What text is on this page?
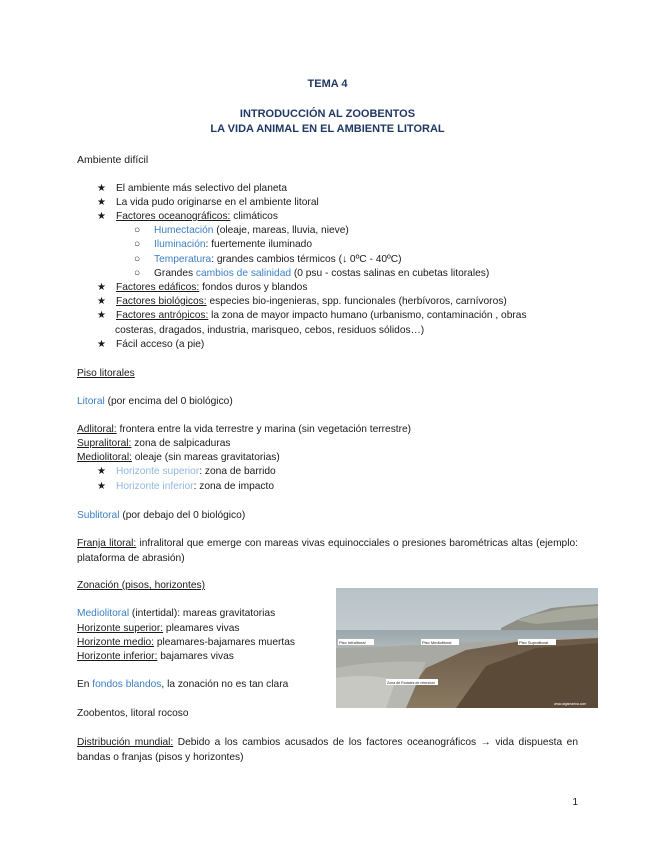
TEMA 4
INTRODUCCIÓN AL ZOOBENTOS
LA VIDA ANIMAL EN EL AMBIENTE LITORAL
Ambiente difícil
★ El ambiente más selectivo del planeta
★ La vida pudo originarse en el ambiente litoral
★ Factores oceanográficos: climáticos
○ Humectación (oleaje, mareas, lluvia, nieve)
○ Iluminación: fuertemente iluminado
○ Temperatura: grandes cambios térmicos (↓ 0ºC - 40ºC)
○ Grandes cambios de salinidad (0 psu - costas salinas en cubetas litorales)
★ Factores edáficos: fondos duros y blandos
★ Factores biológicos: especies bio-ingenieras, spp. funcionales (herbívoros, carnívoros)
★ Factores antrópicos: la zona de mayor impacto humano (urbanismo, contaminación , obras
costeras, dragados, industria, marisqueo, cebos, residuos sólidos…)
★ Fácil acceso (a pie)
Piso litorales
Litoral (por encima del 0 biológico)
Adlitoral: frontera entre la vida terrestre y marina (sin vegetación terrestre)
Supralitoral: zona de salpicaduras
Mediolitoral: oleaje (sin mareas gravitatorias)
★ Horizonte superior: zona de barrido
★ Horizonte inferior: zona de impacto
Sublitoral (por debajo del 0 biológico)
Franja litoral: infralitoral que emerge con mareas vivas equinocciales o presiones barométricas altas (ejemplo: plataforma de abrasión)
Zonación (pisos, horizontes)
Mediolitoral (intertidal): mareas gravitatorias
Horizonte superior: pleamares vivas
Horizonte medio: pleamares-bajamares muertas
Horizonte inferior: bajamares vivas
En fondos blandos, la zonación no es tan clara
Zoobentos, litoral rocoso
Distribución mundial: Debido a los cambios acusados de los factores oceanográficos → vida dispuesta en bandas o franjas (pisos y horizontes)
Piso Infralitoral	Piso Mediolitoral	Piso Supralitoral
Zona de Rodales de retención
www.algamarina.com
1
